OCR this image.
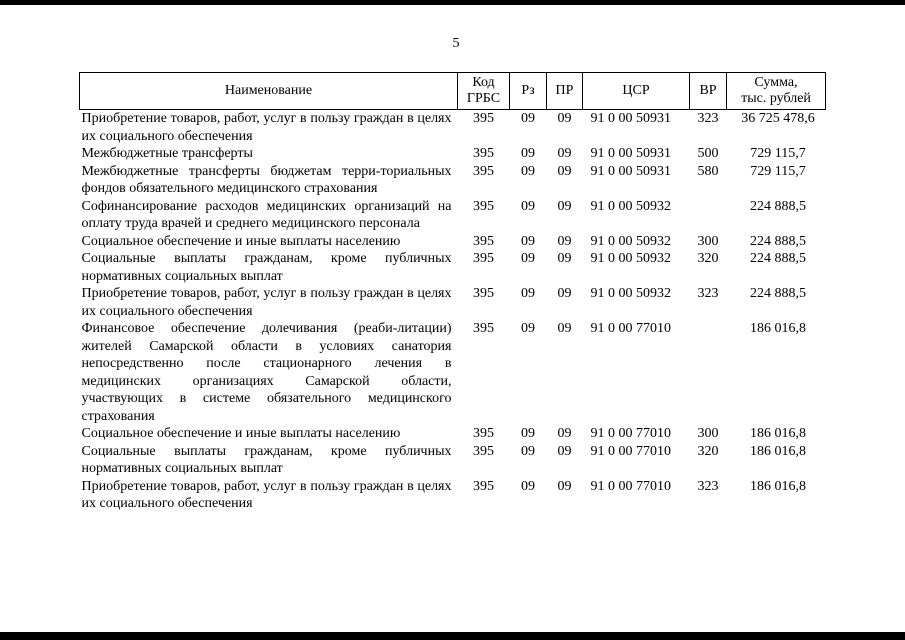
5
Наименование	Код ГРБС	Рз	ПР	ЦСР	ВР	Сумма,
тыс. рублей

Приобретение товаров, работ, услуг в пользу граждан в целях их социального обеспечения	395	09	09	91 0 00 50931	323	36 725 478,6
Межбюджетные трансферты	395	09	09	91 0 00 50931	500	729 115,7
Межбюджетные трансферты бюджетам терри-ториальных фондов обязательного медицинского страхования	395	09	09	91 0 00 50931	580	729 115,7
Софинансирование расходов медицинских организаций на оплату труда врачей и среднего медицинского персонала	395	09	09	91 0 00 50932		224 888,5
Социальное обеспечение и иные выплаты населению	395	09	09	91 0 00 50932	300	224 888,5
Социальные выплаты гражданам, кроме публичных нормативных социальных выплат	395	09	09	91 0 00 50932	320	224 888,5
Приобретение товаров, работ, услуг в пользу граждан в целях их социального обеспечения	395	09	09	91 0 00 50932	323	224 888,5
Финансовое обеспечение долечивания (реаби-литации) жителей Самарской области в условиях санатория непосредственно после стационарного лечения в медицинских организациях Самарской области, участвующих в системе обязательного медицинского страхования	395	09	09	91 0 00 77010		186 016,8
Социальное обеспечение и иные выплаты населению	395	09	09	91 0 00 77010	300	186 016,8
Социальные выплаты гражданам, кроме публичных нормативных социальных выплат	395	09	09	91 0 00 77010	320	186 016,8
Приобретение товаров, работ, услуг в пользу граждан в целях их социального обеспечения	395	09	09	91 0 00 77010	323	186 016,8
